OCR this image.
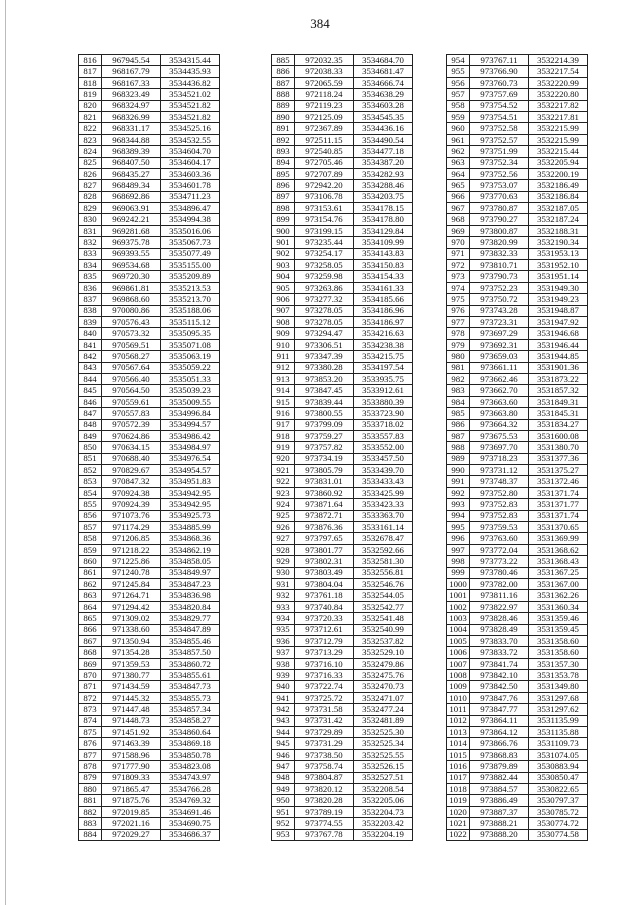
384
816	967945.54	3534315.44
817	968167.79	3534435.93
818	968167.33	3534436.82
819	968323.49	3534521.02
820	968324.97	3534521.82
821	968326.99	3534521.82
822	968331.17	3534525.16
823	968344.88	3534532.55
824	968389.39	3534604.70
825	968407.50	3534604.17
826	968435.27	3534603.36
827	968489.34	3534601.78
828	968692.86	3534711.23
829	969063.91	3534896.47
830	969242.21	3534994.38
831	969281.68	3535016.06
832	969375.78	3535067.73
833	969393.55	3535077.49
834	969534.68	3535155.00
835	969720.30	3535209.89
836	969861.81	3535213.53
837	969868.60	3535213.70
838	970080.86	3535188.06
839	970576.43	3535115.12
840	970573.32	3535095.35
841	970569.51	3535071.08
842	970568.27	3535063.19
843	970567.64	3535059.22
844	970566.40	3535051.33
845	970564.50	3535039.23
846	970559.61	3535009.55
847	970557.83	3534996.84
848	970572.39	3534994.57
849	970624.86	3534986.42
850	970634.15	3534984.97
851	970688.40	3534976.54
852	970829.67	3534954.57
853	970847.32	3534951.83
854	970924.38	3534942.95
855	970924.39	3534942.95
856	971073.76	3534925.73
857	971174.29	3534885.99
858	971206.85	3534868.36
859	971218.22	3534862.19
860	971225.86	3534858.05
861	971240.78	3534849.97
862	971245.84	3534847.23
863	971264.71	3534836.98
864	971294.42	3534820.84
865	971309.02	3534829.77
866	971338.60	3534847.89
867	971350.94	3534855.46
868	971354.28	3534857.50
869	971359.53	3534860.72
870	971380.77	3534855.61
871	971434.59	3534847.73
872	971445.32	3534855.73
873	971447.48	3534857.34
874	971448.73	3534858.27
875	971451.92	3534860.64
876	971463.39	3534869.18
877	971588.96	3534850.78
878	971777.90	3534823.08
879	971809.33	3534743.97
880	971865.47	3534766.28
881	971875.76	3534769.32
882	972019.85	3534691.46
883	972021.16	3534690.75
884	972029.27	3534686.37
885	972032.35	3534684.70
886	972038.33	3534681.47
887	972065.59	3534666.74
888	972118.24	3534638.29
889	972119.23	3534603.28
890	972125.09	3534545.35
891	972367.89	3534436.16
892	972511.15	3534490.54
893	972540.85	3534477.18
894	972705.46	3534387.20
895	972707.89	3534282.93
896	972942.20	3534288.46
897	973106.78	3534203.75
898	973153.61	3534178.15
899	973154.76	3534178.80
900	973199.15	3534129.84
901	973235.44	3534109.99
902	973254.17	3534143.83
903	973258.05	3534150.83
904	973259.98	3534154.33
905	973263.86	3534161.33
906	973277.32	3534185.66
907	973278.05	3534186.96
908	973278.05	3534186.97
909	973294.47	3534216.63
910	973306.51	3534238.38
911	973347.39	3534215.75
912	973380.28	3534197.54
913	973853.20	3533935.75
914	973847.45	3533912.61
915	973839.44	3533880.39
916	973800.55	3533723.90
917	973799.09	3533718.02
918	973759.27	3533557.83
919	973757.82	3533552.00
920	973734.19	3533457.50
921	973805.79	3533439.70
922	973831.01	3533433.43
923	973860.92	3533425.99
924	973871.64	3533423.33
925	973872.71	3533363.70
926	973876.36	3533161.14
927	973797.65	3532678.47
928	973801.77	3532592.66
929	973802.31	3532581.30
930	973803.49	3532556.81
931	973804.04	3532546.76
932	973761.18	3532544.05
933	973740.84	3532542.77
934	973720.33	3532541.48
935	973712.61	3532540.99
936	973712.79	3532537.82
937	973713.29	3532529.10
938	973716.10	3532479.86
939	973716.33	3532475.76
940	973722.74	3532470.73
941	973725.72	3532471.07
942	973731.58	3532477.24
943	973731.42	3532481.89
944	973729.89	3532525.30
945	973731.29	3532525.34
946	973738.50	3532525.55
947	973758.74	3532526.15
948	973804.87	3532527.51
949	973820.12	3532208.54
950	973820.28	3532205.06
951	973789.19	3532204.73
952	973774.55	3532203.42
953	973767.78	3532204.19
954	973767.11	3532214.39
955	973766.90	3532217.54
956	973760.73	3532220.99
957	973757.69	3532220.80
958	973754.52	3532217.82
959	973754.51	3532217.81
960	973752.58	3532215.99
961	973752.57	3532215.99
962	973751.99	3532215.44
963	973752.34	3532205.94
964	973752.56	3532200.19
965	973753.07	3532186.49
966	973770.63	3532186.84
967	973780.87	3532187.05
968	973790.27	3532187.24
969	973800.87	3532188.31
970	973820.99	3532190.34
971	973832.33	3531953.13
972	973810.71	3531952.10
973	973790.73	3531951.14
974	973752.23	3531949.30
975	973750.72	3531949.23
976	973743.28	3531948.87
977	973723.31	3531947.92
978	973697.29	3531946.68
979	973692.31	3531946.44
980	973659.03	3531944.85
981	973661.11	3531901.36
982	973662.46	3531873.22
983	973662.70	3531857.32
984	973663.60	3531849.31
985	973663.80	3531845.31
986	973664.32	3531834.27
987	973675.53	3531600.08
988	973697.70	3531380.70
989	973718.23	3531377.36
990	973731.12	3531375.27
991	973748.37	3531372.46
992	973752.80	3531371.74
993	973752.83	3531371.77
994	973752.83	3531371.74
995	973759.53	3531370.65
996	973763.60	3531369.99
997	973772.04	3531368.62
998	973773.22	3531368.43
999	973780.46	3531367.25
1000	973782.00	3531367.00
1001	973811.16	3531362.26
1002	973822.97	3531360.34
1003	973828.46	3531359.46
1004	973828.49	3531359.45
1005	973833.70	3531358.60
1006	973833.72	3531358.60
1007	973841.74	3531357.30
1008	973842.10	3531353.78
1009	973842.50	3531349.80
1010	973847.76	3531297.68
1011	973847.77	3531297.62
1012	973864.11	3531135.99
1013	973864.12	3531135.88
1014	973866.76	3531109.73
1015	973868.83	3531074.05
1016	973879.89	3530883.94
1017	973882.44	3530850.47
1018	973884.57	3530822.65
1019	973886.49	3530797.37
1020	973887.37	3530785.72
1021	973888.21	3530774.72
1022	973888.20	3530774.58
